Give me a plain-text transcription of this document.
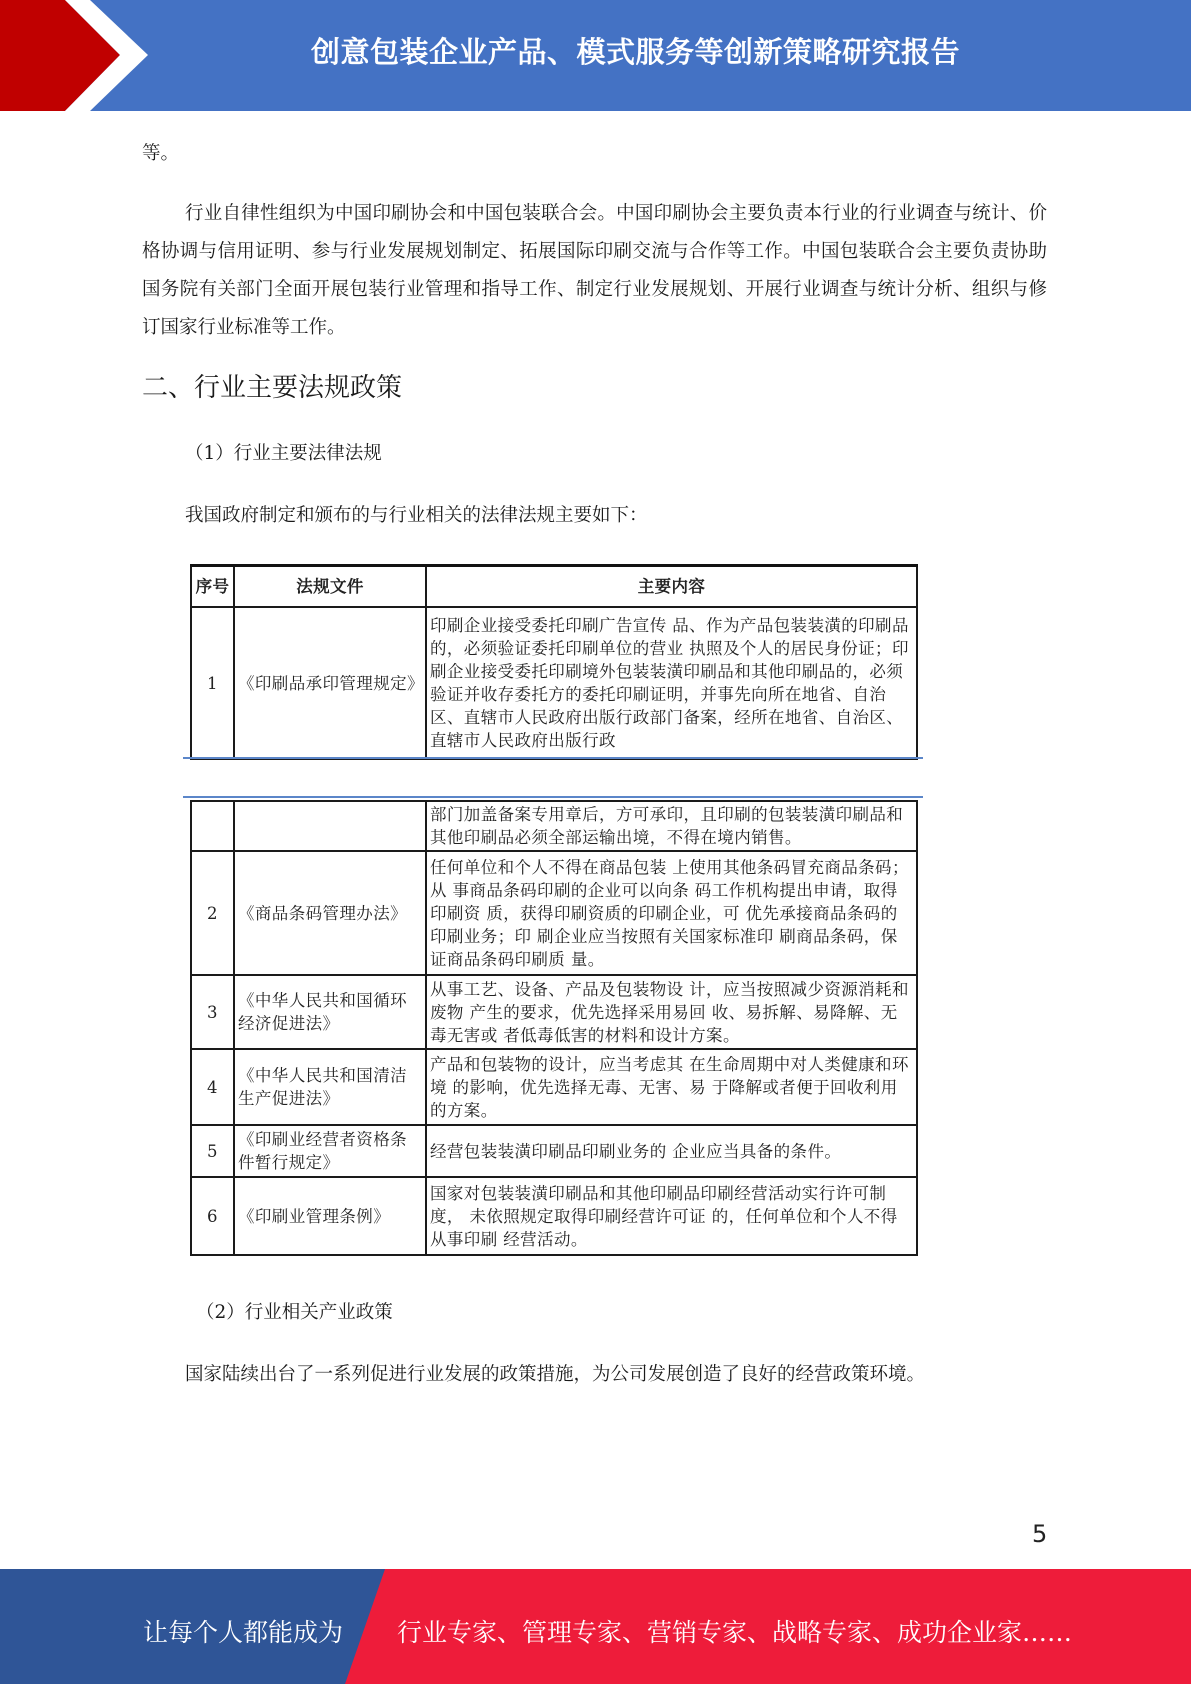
创意包装企业产品、模式服务等创新策略研究报告

等。

行业自律性组织为中国印刷协会和中国包装联合会。中国印刷协会主要负责本行业的行业调查与统计、价格协调与信用证明、参与行业发展规划制定、拓展国际印刷交流与合作等工作。中国包装联合会主要负责协助国务院有关部门全面开展包装行业管理和指导工作、制定行业发展规划、开展行业调查与统计分析、组织与修订国家行业标准等工作。

二、行业主要法规政策

（1）行业主要法律法规

我国政府制定和颁布的与行业相关的法律法规主要如下：

序号	法规文件	主要内容
1	《印刷品承印管理规定》	印刷企业接受委托印刷广告宣传 品、作为产品包装装潢的印刷品 的，必须验证委托印刷单位的营业 执照及个人的居民身份证；印刷企业接受委托印刷境外包装装潢印刷品和其他印刷品的，必须验证并收存委托方的委托印刷证明，并事先向所在地省、自治区、直辖市人民政府出版行政部门备案，经所在地省、自治区、直辖市人民政府出版行政
		部门加盖备案专用章后，方可承印，且印刷的包装装潢印刷品和其他印刷品必须全部运输出境，不得在境内销售。
2	《商品条码管理办法》	任何单位和个人不得在商品包装 上使用其他条码冒充商品条码；从 事商品条码印刷的企业可以向条 码工作机构提出申请，取得印刷资 质，获得印刷资质的印刷企业，可 优先承接商品条码的印刷业务；印 刷企业应当按照有关国家标准印 刷商品条码，保证商品条码印刷质 量。
3	《中华人民共和国循环经济促进法》	从事工艺、设备、产品及包装物设 计，应当按照减少资源消耗和废物 产生的要求，优先选择采用易回 收、易拆解、易降解、无毒无害或 者低毒低害的材料和设计方案。
4	《中华人民共和国清洁生产促进法》	产品和包装物的设计，应当考虑其 在生命周期中对人类健康和环境 的影响，优先选择无毒、无害、易 于降解或者便于回收利用的方案。
5	《印刷业经营者资格条件暂行规定》	经营包装装潢印刷品印刷业务的 企业应当具备的条件。
6	《印刷业管理条例》	国家对包装装潢印刷品和其他印刷品印刷经营活动实行许可制度， 未依照规定取得印刷经营许可证 的，任何单位和个人不得从事印刷 经营活动。

（2）行业相关产业政策

国家陆续出台了一系列促进行业发展的政策措施，为公司发展创造了良好的经营政策环境。

5
让每个人都能成为 行业专家、管理专家、营销专家、战略专家、成功企业家……
